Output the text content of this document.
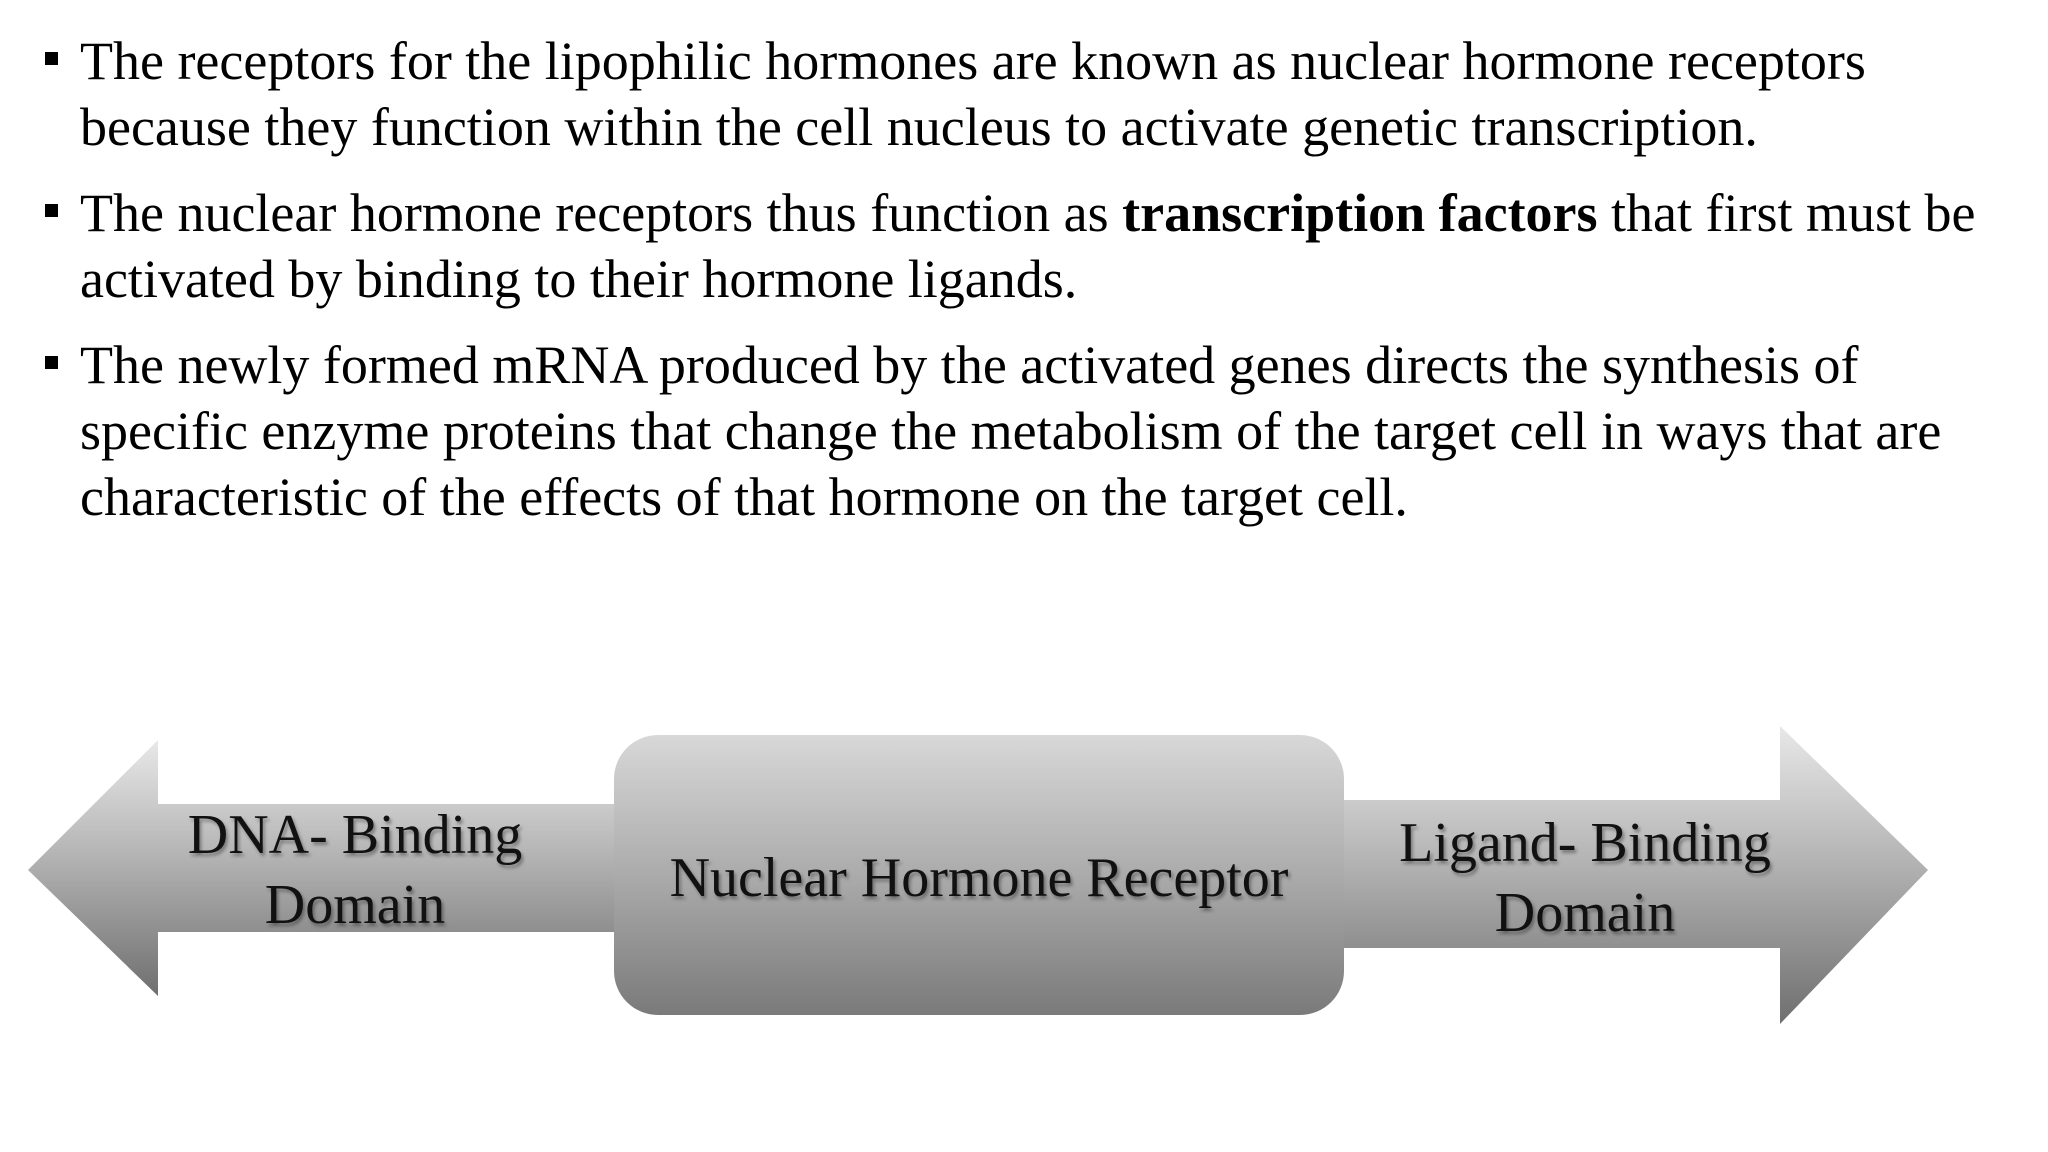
The receptors for the lipophilic hormones are known as nuclear hormone receptors because they function within the cell nucleus to activate genetic transcription.
The nuclear hormone receptors thus function as transcription factors that first must be activated by binding to their hormone ligands.
The newly formed mRNA produced by the activated genes directs the synthesis of specific enzyme proteins that change the metabolism of the target cell in ways that are characteristic of the effects of that hormone on the target cell.
DNA- Binding
Domain	Nuclear Hormone Receptor
Ligand- Binding
Domain
